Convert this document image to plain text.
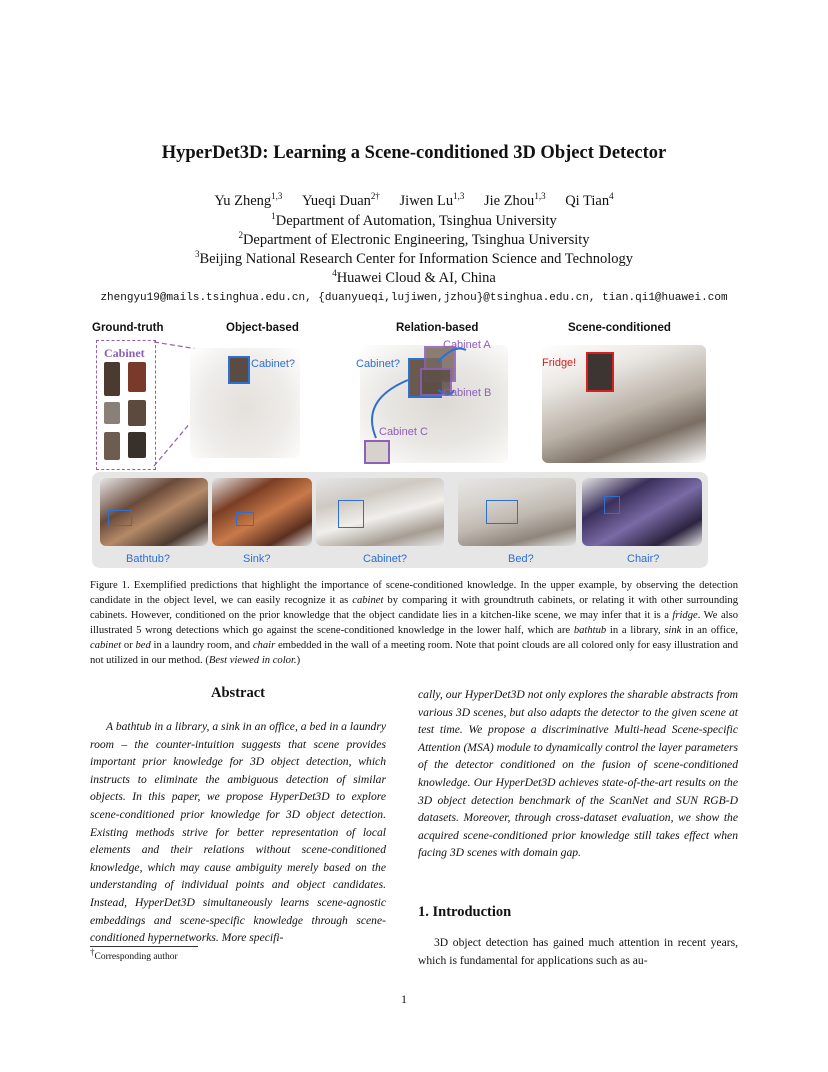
HyperDet3D: Learning a Scene-conditioned 3D Object Detector
Yu Zheng$^{1,3}$ Yueqi Duan$^{2\dagger}$ Jiwen Lu$^{1,3}$ Jie Zhou$^{1,3}$ Qi Tian$^4$
$^1$Department of Automation, Tsinghua University
$^2$Department of Electronic Engineering, Tsinghua University
$^3$Beijing National Research Center for Information Science and Technology
$^4$Huawei Cloud & AI, China
zhengyu19@mails.tsinghua.edu.cn, {duanyueqi,lujiwen,jzhou}@tsinghua.edu.cn, tian.qi1@huawei.com
Ground-truth	Object-based	Relation-based	Scene-conditioned
Cabinet
Cabinet?	Cabinet?
Cabinet A
Cabinet B
Cabinet C
Fridge!
Bathtub?	Sink?	Cabinet?	Bed?	Chair?
Figure 1. Exemplified predictions that highlight the importance of scene-conditioned knowledge. In the upper example, by observing the detection candidate in the object level, we can easily recognize it as cabinet by comparing it with groundtruth cabinets, or relating it with other surrounding cabinets. However, conditioned on the prior knowledge that the object candidate lies in a kitchen-like scene, we may infer that it is a fridge. We also illustrated 5 wrong detections which go against the scene-conditioned knowledge in the lower half, which are bathtub in a library, sink in an office, cabinet or bed in a laundry room, and chair embedded in the wall of a meeting room. Note that point clouds are all colored only for easy illustration and not utilized in our method. (Best viewed in color.)
Abstract
A bathtub in a library, a sink in an office, a bed in a laundry room – the counter-intuition suggests that scene provides important prior knowledge for 3D object detection, which instructs to eliminate the ambiguous detection of similar objects. In this paper, we propose HyperDet3D to explore scene-conditioned prior knowledge for 3D object detection. Existing methods strive for better representation of local elements and their relations without scene-conditioned knowledge, which may cause ambiguity merely based on the understanding of individual points and object candidates. Instead, HyperDet3D simultaneously learns scene-agnostic embeddings and scene-specific knowledge through scene-conditioned hypernetworks. More specifi-
cally, our HyperDet3D not only explores the sharable abstracts from various 3D scenes, but also adapts the detector to the given scene at test time. We propose a discriminative Multi-head Scene-specific Attention (MSA) module to dynamically control the layer parameters of the detector conditioned on the fusion of scene-conditioned knowledge. Our HyperDet3D achieves state-of-the-art results on the 3D object detection benchmark of the ScanNet and SUN RGB-D datasets. Moreover, through cross-dataset evaluation, we show the acquired scene-conditioned prior knowledge still takes effect when facing 3D scenes with domain gap.
1. Introduction
3D object detection has gained much attention in recent years, which is fundamental for applications such as au-
†Corresponding author
1
